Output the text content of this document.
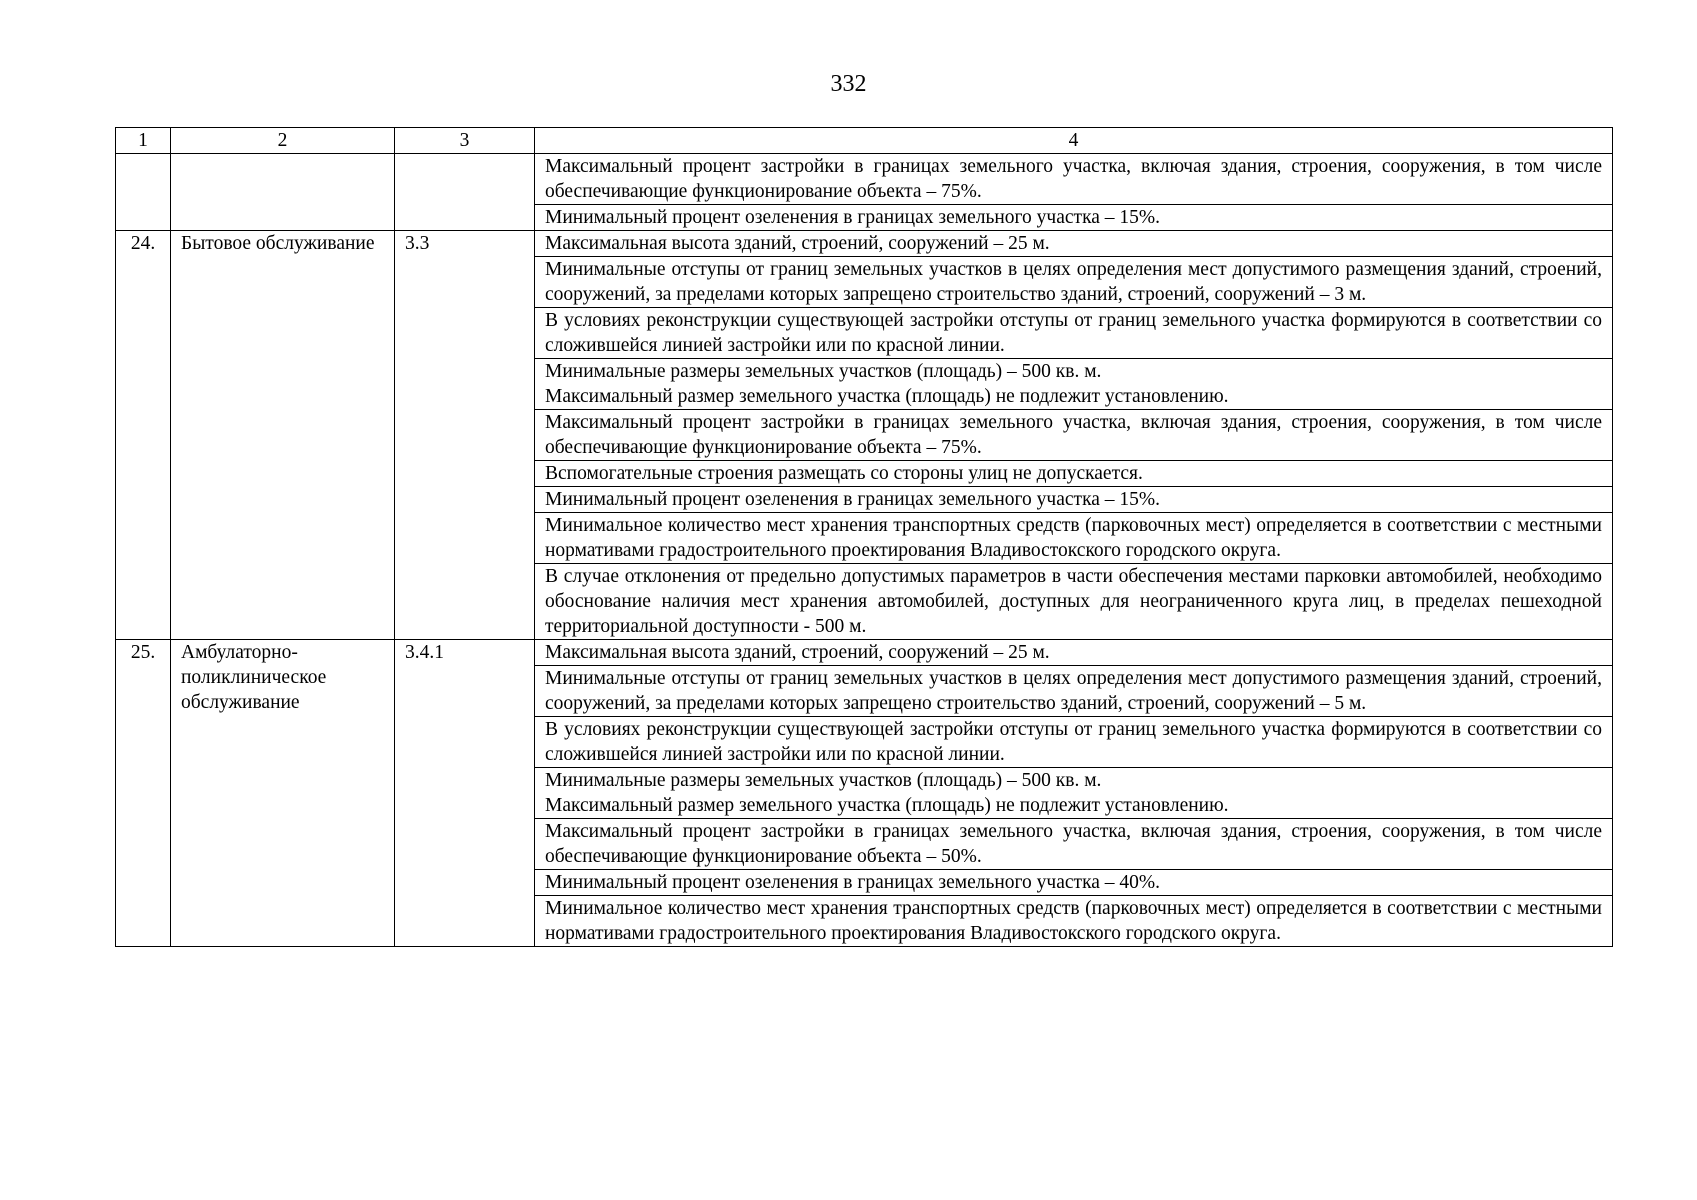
332
1	2	3	4
			Максимальный процент застройки в границах земельного участка, включая здания, строения, сооружения, в том числе обеспечивающие функционирование объекта – 75%.
			Минимальный процент озеленения в границах земельного участка – 15%.
24.	Бытовое обслуживание	3.3	Максимальная высота зданий, строений, сооружений – 25 м.
			Минимальные отступы от границ земельных участков в целях определения мест допустимого размещения зданий, строений, сооружений, за пределами которых запрещено строительство зданий, строений, сооружений – 3 м.
			В условиях реконструкции существующей застройки отступы от границ земельного участка формируются в соответствии со сложившейся линией застройки или по красной линии.

			Минимальные размеры земельных участков (площадь) – 500 кв. м.
Максимальный размер земельного участка (площадь) не подлежит установлению.

			Максимальный процент застройки в границах земельного участка, включая здания, строения, сооружения, в том числе обеспечивающие функционирование объекта – 75%.
			Вспомогательные строения размещать со стороны улиц не допускается.
			Минимальный процент озеленения в границах земельного участка – 15%.
			Минимальное количество мест хранения транспортных средств (парковочных мест) определяется в соответствии с местными нормативами градостроительного проектирования Владивостокского городского округа.
			В случае отклонения от предельно допустимых параметров в части обеспечения местами парковки автомобилей, необходимо обоснование наличия мест хранения автомобилей, доступных для неограниченного круга лиц, в пределах пешеходной территориальной доступности - 500 м.
25.	Амбулаторно-поликлиническое обслуживание	3.4.1	Максимальная высота зданий, строений, сооружений – 25 м.
			Минимальные отступы от границ земельных участков в целях определения мест допустимого размещения зданий, строений, сооружений, за пределами которых запрещено строительство зданий, строений, сооружений – 5 м.
			В условиях реконструкции существующей застройки отступы от границ земельного участка формируются в соответствии со сложившейся линией застройки или по красной линии.

			Минимальные размеры земельных участков (площадь) – 500 кв. м.
Максимальный размер земельного участка (площадь) не подлежит установлению.

			Максимальный процент застройки в границах земельного участка, включая здания, строения, сооружения, в том числе обеспечивающие функционирование объекта – 50%.
			Минимальный процент озеленения в границах земельного участка – 40%.
			Минимальное количество мест хранения транспортных средств (парковочных мест) определяется в соответствии с местными нормативами градостроительного проектирования Владивостокского городского округа.
